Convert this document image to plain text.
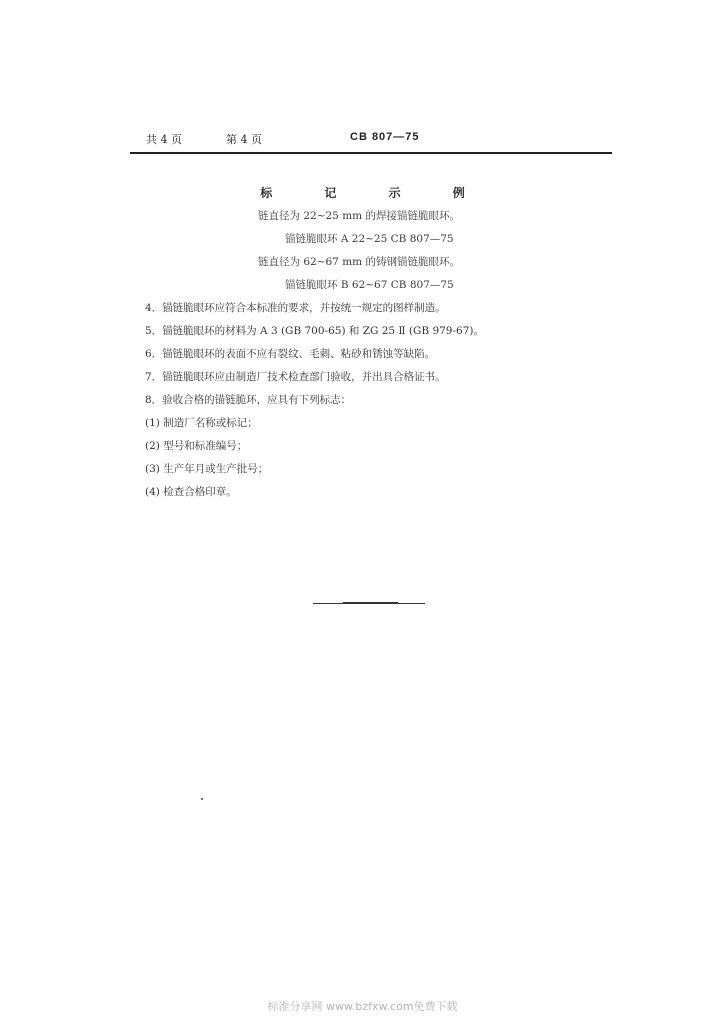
共 4 页	第 4 页	CB 807—75
标 记 示 例
链直径为 22~25 mm 的焊接锚链脆眼环。
锚链脆眼环 A 22~25 CB 807—75
链直径为 62~67 mm 的铸钢锚链脆眼环。
锚链脆眼环 B 62~67 CB 807—75
4．锚链脆眼环应符合本标准的要求，并按统一规定的图样制造。
5．锚链脆眼环的材料为 A 3 (GB 700-65) 和 ZG 25 Ⅱ (GB 979-67)。
6．锚链脆眼环的表面不应有裂纹、毛刺、粘砂和锈蚀等缺陷。
7．锚链脆眼环应由制造厂技术检查部门验收，并出具合格证书。
8．验收合格的锚链脆环，应具有下列标志：
(1) 制造厂名称或标记；
(2) 型号和标准编号；
(3) 生产年月或生产批号；
(4) 检查合格印章。
标准分享网 www.bzfxw.com免费下载
